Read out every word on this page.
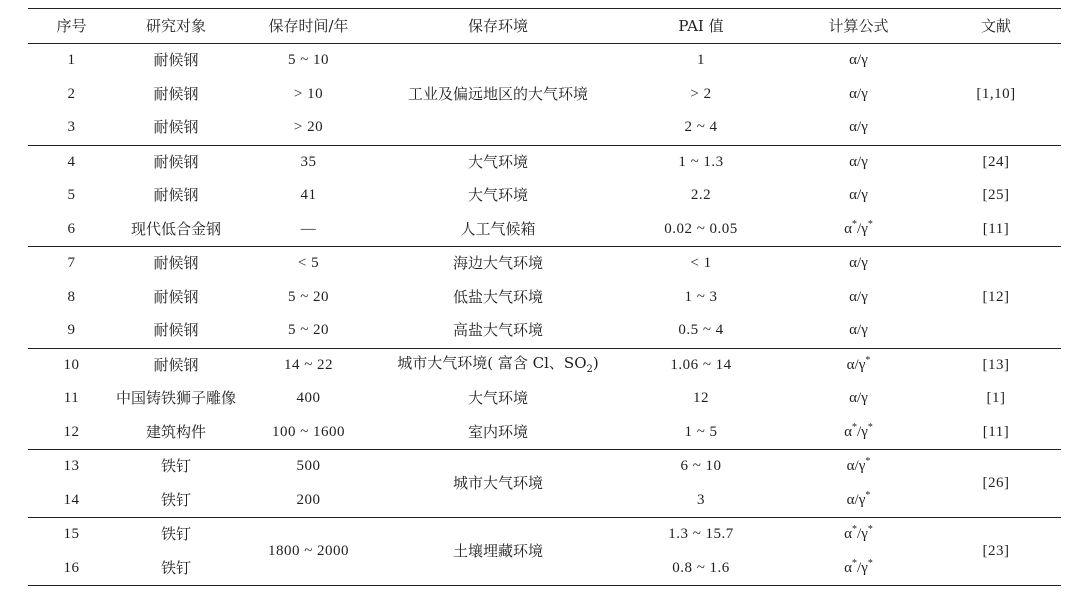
序号	研究对象	保存时间/年	保存环境	PAI 值	计算公式	文献
1	耐候钢	5 ~ 10	工业及偏远地区的大气环境	1	α/γ	[1,10]
2	耐候钢	> 10		> 2	α/γ	
3	耐候钢	> 20		2 ~ 4	α/γ	
4	耐候钢	35	大气环境	1 ~ 1.3	α/γ	[24]
5	耐候钢	41	大气环境	2.2	α/γ	[25]
6	现代低合金钢	—	人工气候箱	0.02 ~ 0.05	α*/γ*	[11]
7	耐候钢	< 5	海边大气环境	< 1	α/γ	[12]
8	耐候钢	5 ~ 20	低盐大气环境	1 ~ 3	α/γ	
9	耐候钢	5 ~ 20	高盐大气环境	0.5 ~ 4	α/γ	
10	耐候钢	14 ~ 22	城市大气环境( 富含 Cl、$SO_2$)	1.06 ~ 14	α/γ*	[13]
11	中国铸铁狮子雕像	400	大气环境	12	α/γ	[1]
12	建筑构件	100 ~ 1600	室内环境	1 ~ 5	α*/γ*	[11]
13	铁钉	500	城市大气环境	6 ~ 10	α/γ*	[26]
14	铁钉	200		3	α/γ*
15	铁钉	1800 ~ 2000	土壤埋藏环境	1.3 ~ 15.7	α*/γ*	[23]
16	铁钉			0.8 ~ 1.6	α*/γ*
